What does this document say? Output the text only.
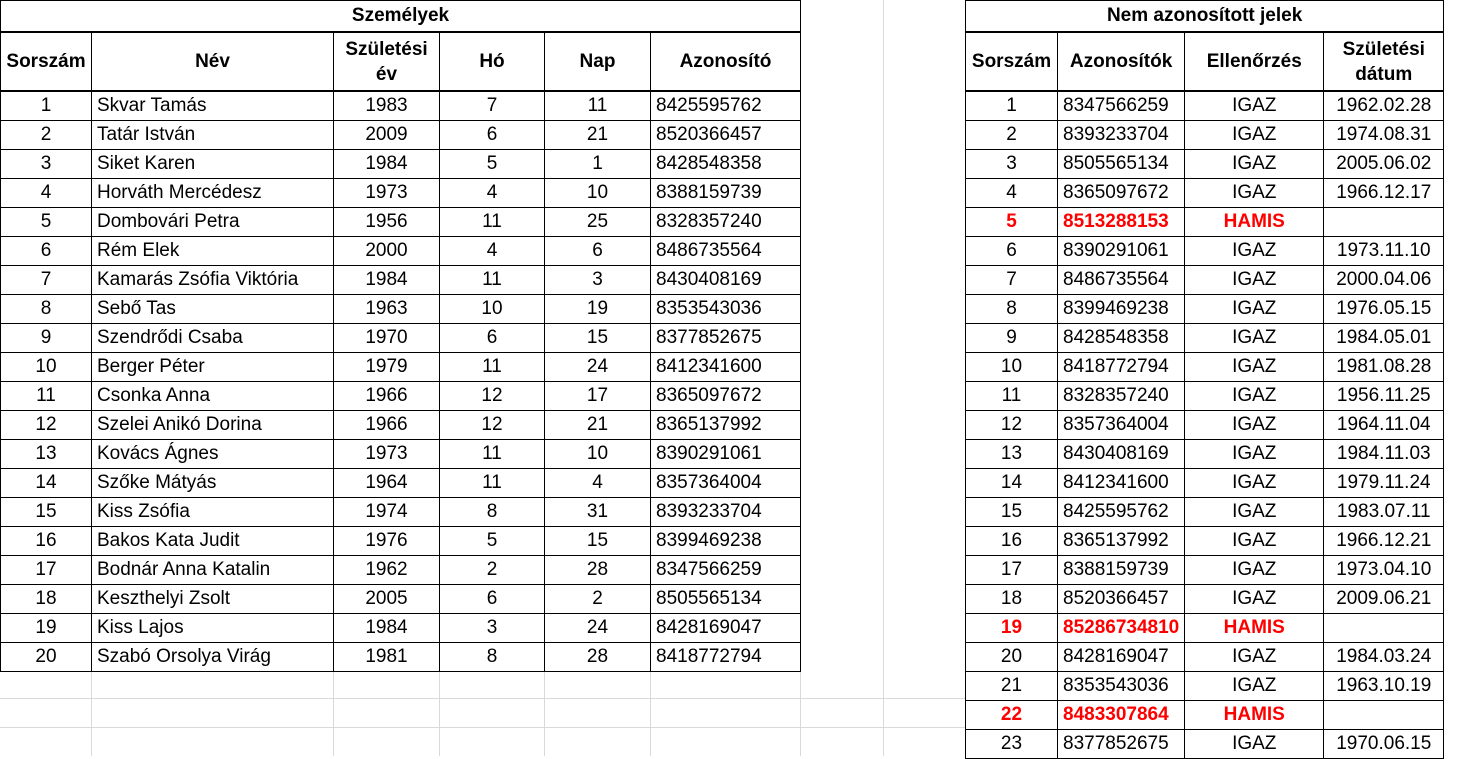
Személyek					
Sorszám	Név	Születési év	Hó	Nap	Azonosító
1	Skvar Tamás	1983	7	11	8425595762
2	Tatár István	2009	6	21	8520366457
3	Siket Karen	1984	5	1	8428548358
4	Horváth Mercédesz	1973	4	10	8388159739
5	Dombovári Petra	1956	11	25	8328357240
6	Rém Elek	2000	4	6	8486735564
7	Kamarás Zsófia Viktória	1984	11	3	8430408169
8	Sebő Tas	1963	10	19	8353543036
9	Szendrődi Csaba	1970	6	15	8377852675
10	Berger Péter	1979	11	24	8412341600
11	Csonka Anna	1966	12	17	8365097672
12	Szelei Anikó Dorina	1966	12	21	8365137992
13	Kovács Ágnes	1973	11	10	8390291061
14	Szőke Mátyás	1964	11	4	8357364004
15	Kiss Zsófia	1974	8	31	8393233704
16	Bakos Kata Judit	1976	5	15	8399469238
17	Bodnár Anna Katalin	1962	2	28	8347566259
18	Keszthelyi Zsolt	2005	6	2	8505565134
19	Kiss Lajos	1984	3	24	8428169047
20	Szabó Orsolya Virág	1981	8	28	8418772794
Nem azonosított jelek			
Sorszám	Azonosítók	Ellenőrzés	Születési dátum
1	8347566259	IGAZ	1962.02.28
2	8393233704	IGAZ	1974.08.31
3	8505565134	IGAZ	2005.06.02
4	8365097672	IGAZ	1966.12.17
5	8513288153	HAMIS	
6	8390291061	IGAZ	1973.11.10
7	8486735564	IGAZ	2000.04.06
8	8399469238	IGAZ	1976.05.15
9	8428548358	IGAZ	1984.05.01
10	8418772794	IGAZ	1981.08.28
11	8328357240	IGAZ	1956.11.25
12	8357364004	IGAZ	1964.11.04
13	8430408169	IGAZ	1984.11.03
14	8412341600	IGAZ	1979.11.24
15	8425595762	IGAZ	1983.07.11
16	8365137992	IGAZ	1966.12.21
17	8388159739	IGAZ	1973.04.10
18	8520366457	IGAZ	2009.06.21
19	85286734810	HAMIS	
20	8428169047	IGAZ	1984.03.24
21	8353543036	IGAZ	1963.10.19
22	8483307864	HAMIS	
23	8377852675	IGAZ	1970.06.15
